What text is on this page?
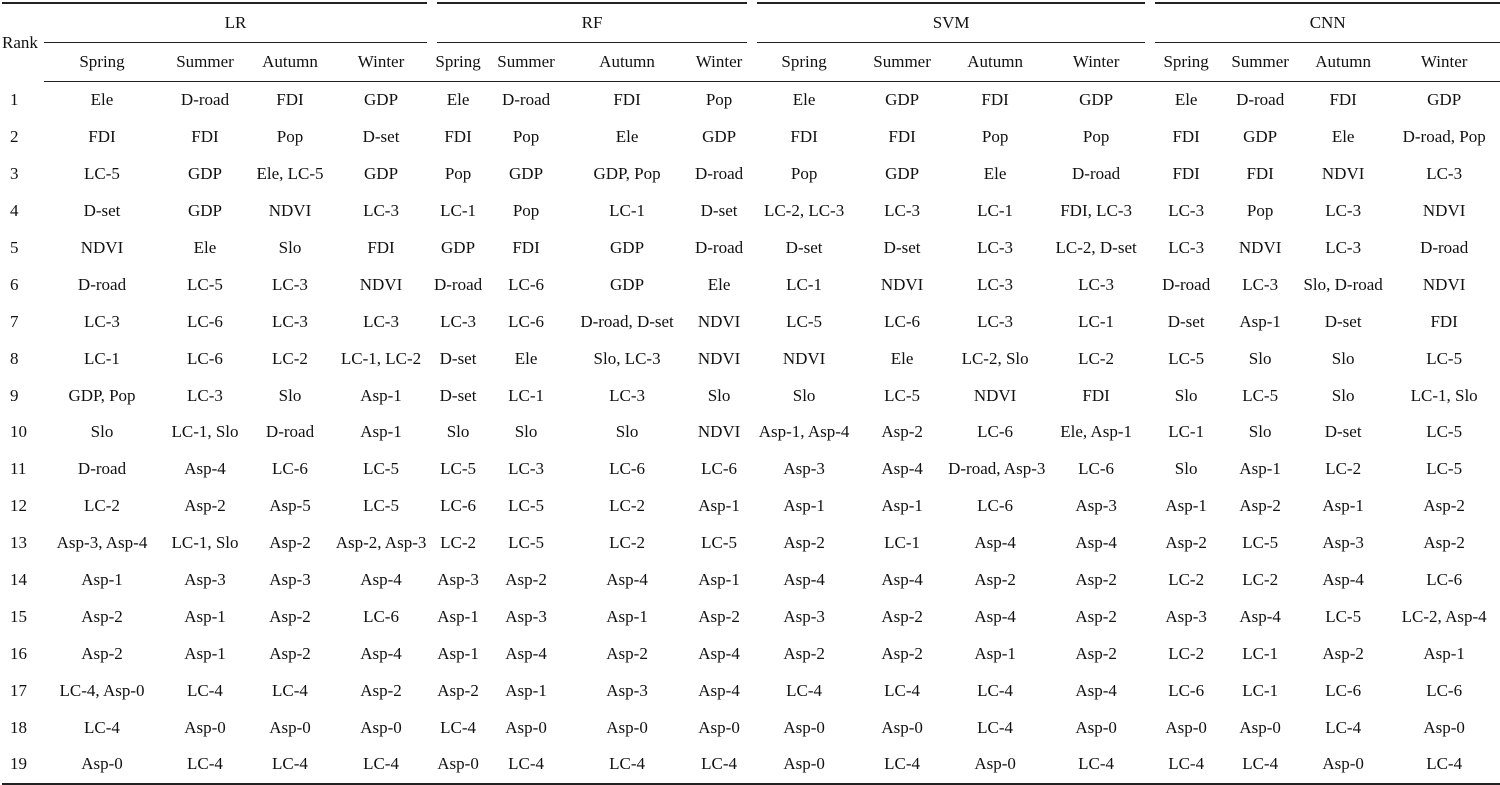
Rank	LR				RF				SVM				CNN			
	Spring	Summer	Autumn	Winter	Spring	Summer	Autumn	Winter	Spring	Summer	Autumn	Winter	Spring	Summer	Autumn	Winter
1	Ele	D-road	FDI	GDP	Ele	D-road	FDI	Pop	Ele	GDP	FDI	GDP	Ele	D-road	FDI	GDP
2	FDI	FDI	Pop	D-set	FDI	Pop	Ele	GDP	FDI	FDI	Pop	Pop	FDI	GDP	Ele	D-road, Pop
3	LC-5	GDP	Ele, LC-5	GDP	Pop	GDP	GDP, Pop	D-road	Pop	GDP	Ele	D-road	FDI	FDI	NDVI	LC-3
4	D-set	GDP	NDVI	LC-3	LC-1	Pop	LC-1	D-set	LC-2, LC-3	LC-3	LC-1	FDI, LC-3	LC-3	Pop	LC-3	NDVI
5	NDVI	Ele	Slo	FDI	GDP	FDI	GDP	D-road	D-set	D-set	LC-3	LC-2, D-set	LC-3	NDVI	LC-3	D-road
6	D-road	LC-5	LC-3	NDVI	D-road	LC-6	GDP	Ele	LC-1	NDVI	LC-3	LC-3	D-road	LC-3	Slo, D-road	NDVI
7	LC-3	LC-6	LC-3	LC-3	LC-3	LC-6	D-road, D-set	NDVI	LC-5	LC-6	LC-3	LC-1	D-set	Asp-1	D-set	FDI
8	LC-1	LC-6	LC-2	LC-1, LC-2	D-set	Ele	Slo, LC-3	NDVI	NDVI	Ele	LC-2, Slo	LC-2	LC-5	Slo	Slo	LC-5
9	GDP, Pop	LC-3	Slo	Asp-1	D-set	LC-1	LC-3	Slo	Slo	LC-5	NDVI	FDI	Slo	LC-5	Slo	LC-1, Slo
10	Slo	LC-1, Slo	D-road	Asp-1	Slo	Slo	Slo	NDVI	Asp-1, Asp-4	Asp-2	LC-6	Ele, Asp-1	LC-1	Slo	D-set	LC-5
11	D-road	Asp-4	LC-6	LC-5	LC-5	LC-3	LC-6	LC-6	Asp-3	Asp-4	D-road, Asp-3	LC-6	Slo	Asp-1	LC-2	LC-5
12	LC-2	Asp-2	Asp-5	LC-5	LC-6	LC-5	LC-2	Asp-1	Asp-1	Asp-1	LC-6	Asp-3	Asp-1	Asp-2	Asp-1	Asp-2
13	Asp-3, Asp-4	LC-1, Slo	Asp-2	Asp-2, Asp-3	LC-2	LC-5	LC-2	LC-5	Asp-2	LC-1	Asp-4	Asp-4	Asp-2	LC-5	Asp-3	Asp-2
14	Asp-1	Asp-3	Asp-3	Asp-4	Asp-3	Asp-2	Asp-4	Asp-1	Asp-4	Asp-4	Asp-2	Asp-2	LC-2	LC-2	Asp-4	LC-6
15	Asp-2	Asp-1	Asp-2	LC-6	Asp-1	Asp-3	Asp-1	Asp-2	Asp-3	Asp-2	Asp-4	Asp-2	Asp-3	Asp-4	LC-5	LC-2, Asp-4
16	Asp-2	Asp-1	Asp-2	Asp-4	Asp-1	Asp-4	Asp-2	Asp-4	Asp-2	Asp-2	Asp-1	Asp-2	LC-2	LC-1	Asp-2	Asp-1
17	LC-4, Asp-0	LC-4	LC-4	Asp-2	Asp-2	Asp-1	Asp-3	Asp-4	LC-4	LC-4	LC-4	Asp-4	LC-6	LC-1	LC-6	LC-6
18	LC-4	Asp-0	Asp-0	Asp-0	LC-4	Asp-0	Asp-0	Asp-0	Asp-0	Asp-0	LC-4	Asp-0	Asp-0	Asp-0	LC-4	Asp-0
19	Asp-0	LC-4	LC-4	LC-4	Asp-0	LC-4	LC-4	LC-4	Asp-0	LC-4	Asp-0	LC-4	LC-4	LC-4	Asp-0	LC-4
